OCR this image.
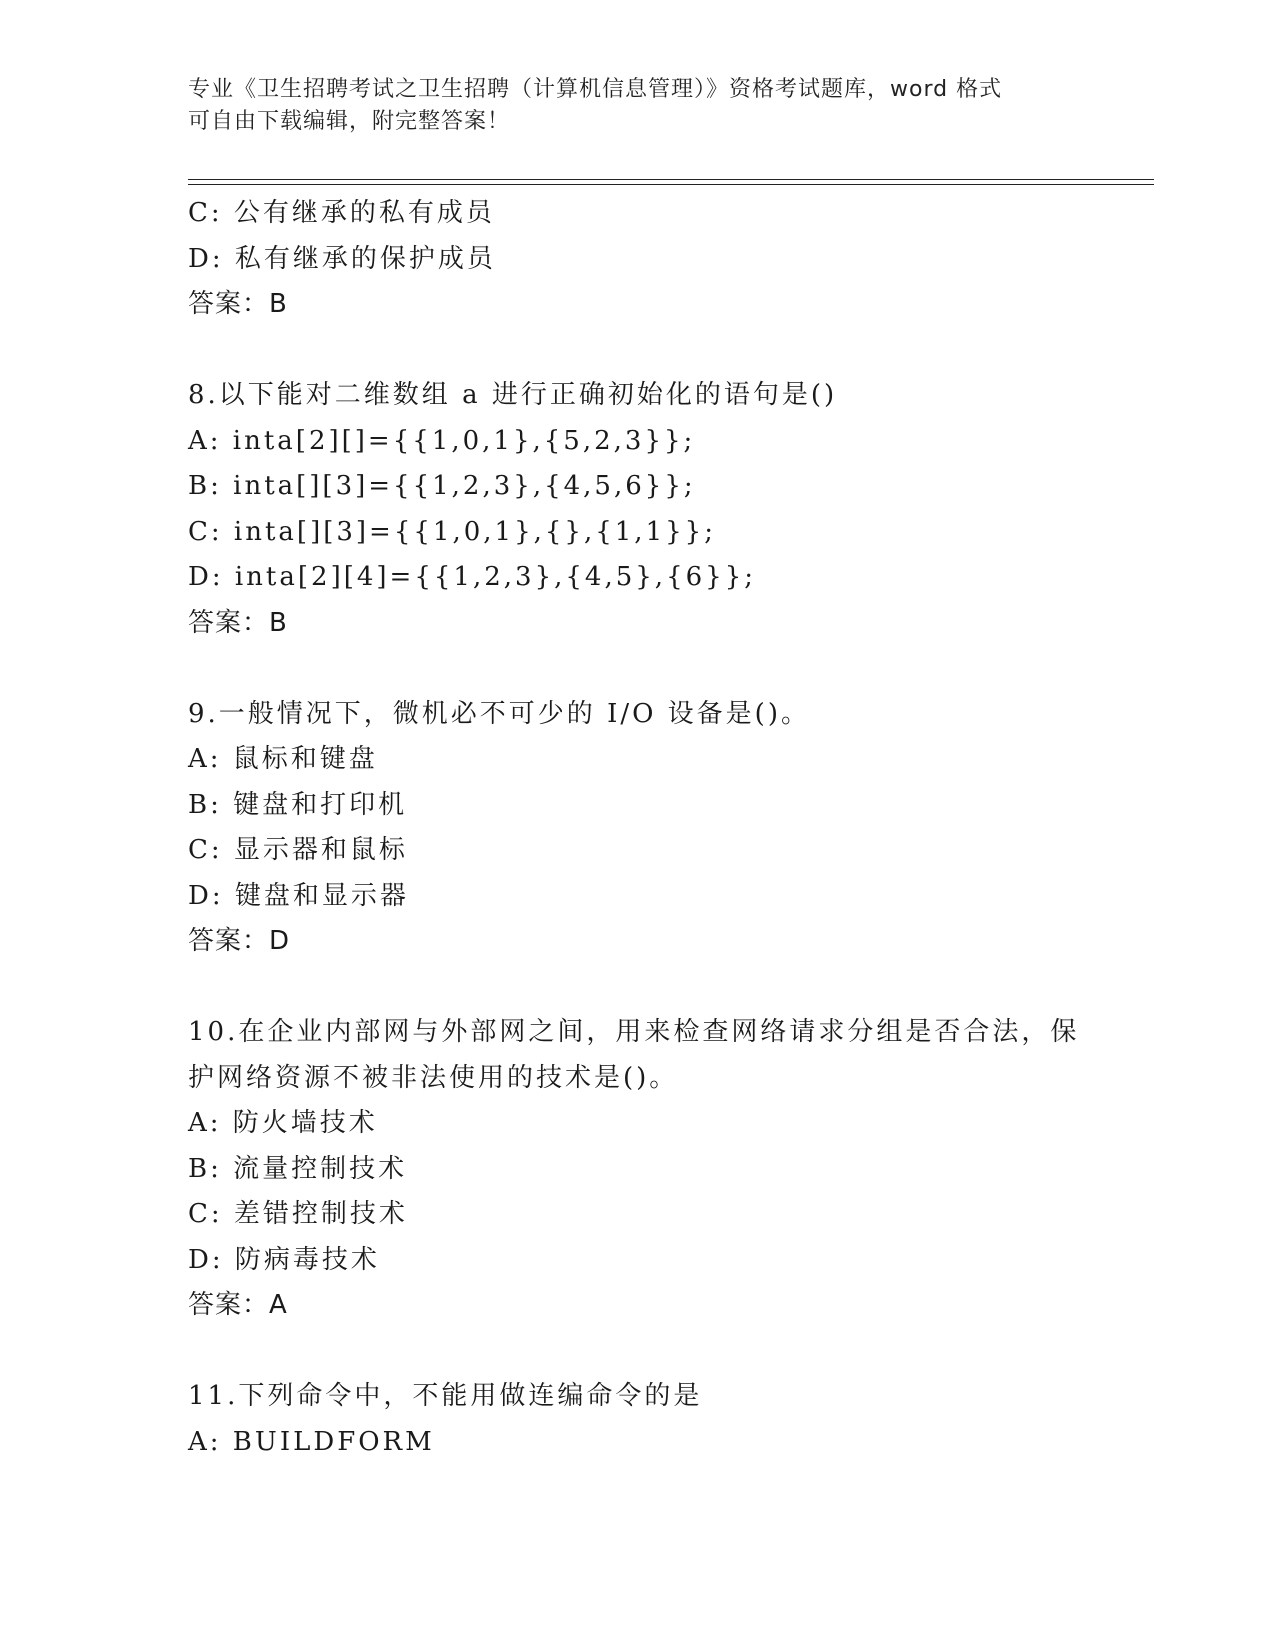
专业《卫生招聘考试之卫生招聘（计算机信息管理）》资格考试题库，word 格式
可自由下载编辑，附完整答案！
C: 公有继承的私有成员
D: 私有继承的保护成员
答案：B
8.以下能对二维数组 a 进行正确初始化的语句是()
A: inta[2][]={{1,0,1},{5,2,3}};
B: inta[][3]={{1,2,3},{4,5,6}};
C: inta[][3]={{1,0,1},{},{1,1}};
D: inta[2][4]={{1,2,3},{4,5},{6}};
答案：B
9.一般情况下，微机必不可少的 I/O 设备是()。
A: 鼠标和键盘
B: 键盘和打印机
C: 显示器和鼠标
D: 键盘和显示器
答案：D
10.在企业内部网与外部网之间，用来检查网络请求分组是否合法，保
护网络资源不被非法使用的技术是()。
A: 防火墙技术
B: 流量控制技术
C: 差错控制技术
D: 防病毒技术
答案：A
11.下列命令中，不能用做连编命令的是
A: BUILDFORM
